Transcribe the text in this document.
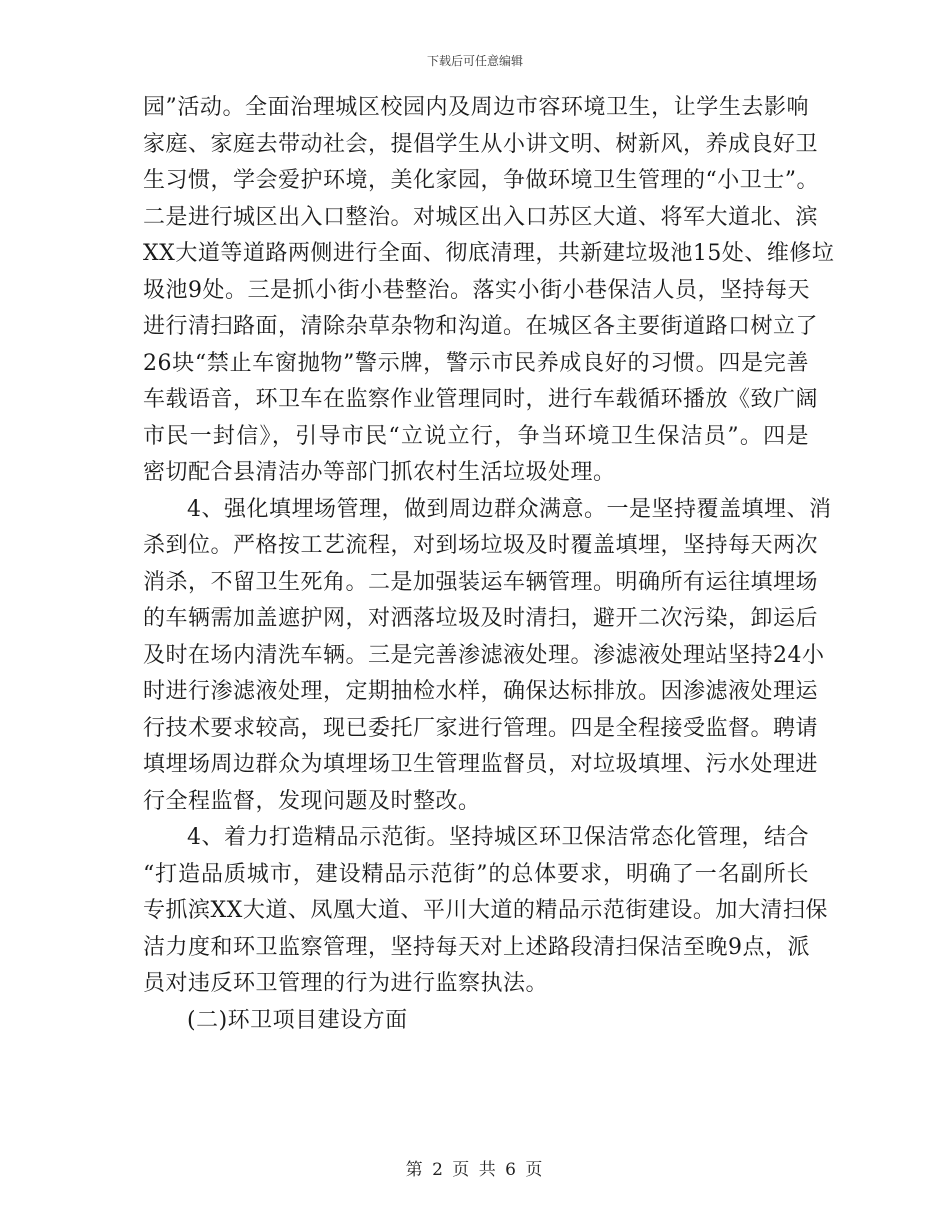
下载后可任意编辑
园”活动。全面治理城区校园内及周边市容环境卫生，让学生去影响
家庭、家庭去带动社会，提倡学生从小讲文明、树新风，养成良好卫
生习惯，学会爱护环境，美化家园，争做环境卫生管理的“小卫士”。
二是进行城区出入口整治。对城区出入口苏区大道、将军大道北、滨
XX大道等道路两侧进行全面、彻底清理，共新建垃圾池15处、维修垃
圾池9处。三是抓小街小巷整治。落实小街小巷保洁人员，坚持每天
进行清扫路面，清除杂草杂物和沟道。在城区各主要街道路口树立了
26块“禁止车窗抛物”警示牌，警示市民养成良好的习惯。四是完善
车载语音，环卫车在监察作业管理同时，进行车载循环播放《致广阔
市民一封信》，引导市民“立说立行，争当环境卫生保洁员”。四是
密切配合县清洁办等部门抓农村生活垃圾处理。
4、强化填埋场管理，做到周边群众满意。一是坚持覆盖填埋、消
杀到位。严格按工艺流程，对到场垃圾及时覆盖填埋，坚持每天两次
消杀，不留卫生死角。二是加强装运车辆管理。明确所有运往填埋场
的车辆需加盖遮护网，对洒落垃圾及时清扫，避开二次污染，卸运后
及时在场内清洗车辆。三是完善渗滤液处理。渗滤液处理站坚持24小
时进行渗滤液处理，定期抽检水样，确保达标排放。因渗滤液处理运
行技术要求较高，现已委托厂家进行管理。四是全程接受监督。聘请
填埋场周边群众为填埋场卫生管理监督员，对垃圾填埋、污水处理进
行全程监督，发现问题及时整改。
4、着力打造精品示范街。坚持城区环卫保洁常态化管理，结合
“打造品质城市，建设精品示范街”的总体要求，明确了一名副所长
专抓滨XX大道、凤凰大道、平川大道的精品示范街建设。加大清扫保
洁力度和环卫监察管理，坚持每天对上述路段清扫保洁至晚9点，派
员对违反环卫管理的行为进行监察执法。
(二)环卫项目建设方面
第 2 页 共 6 页
